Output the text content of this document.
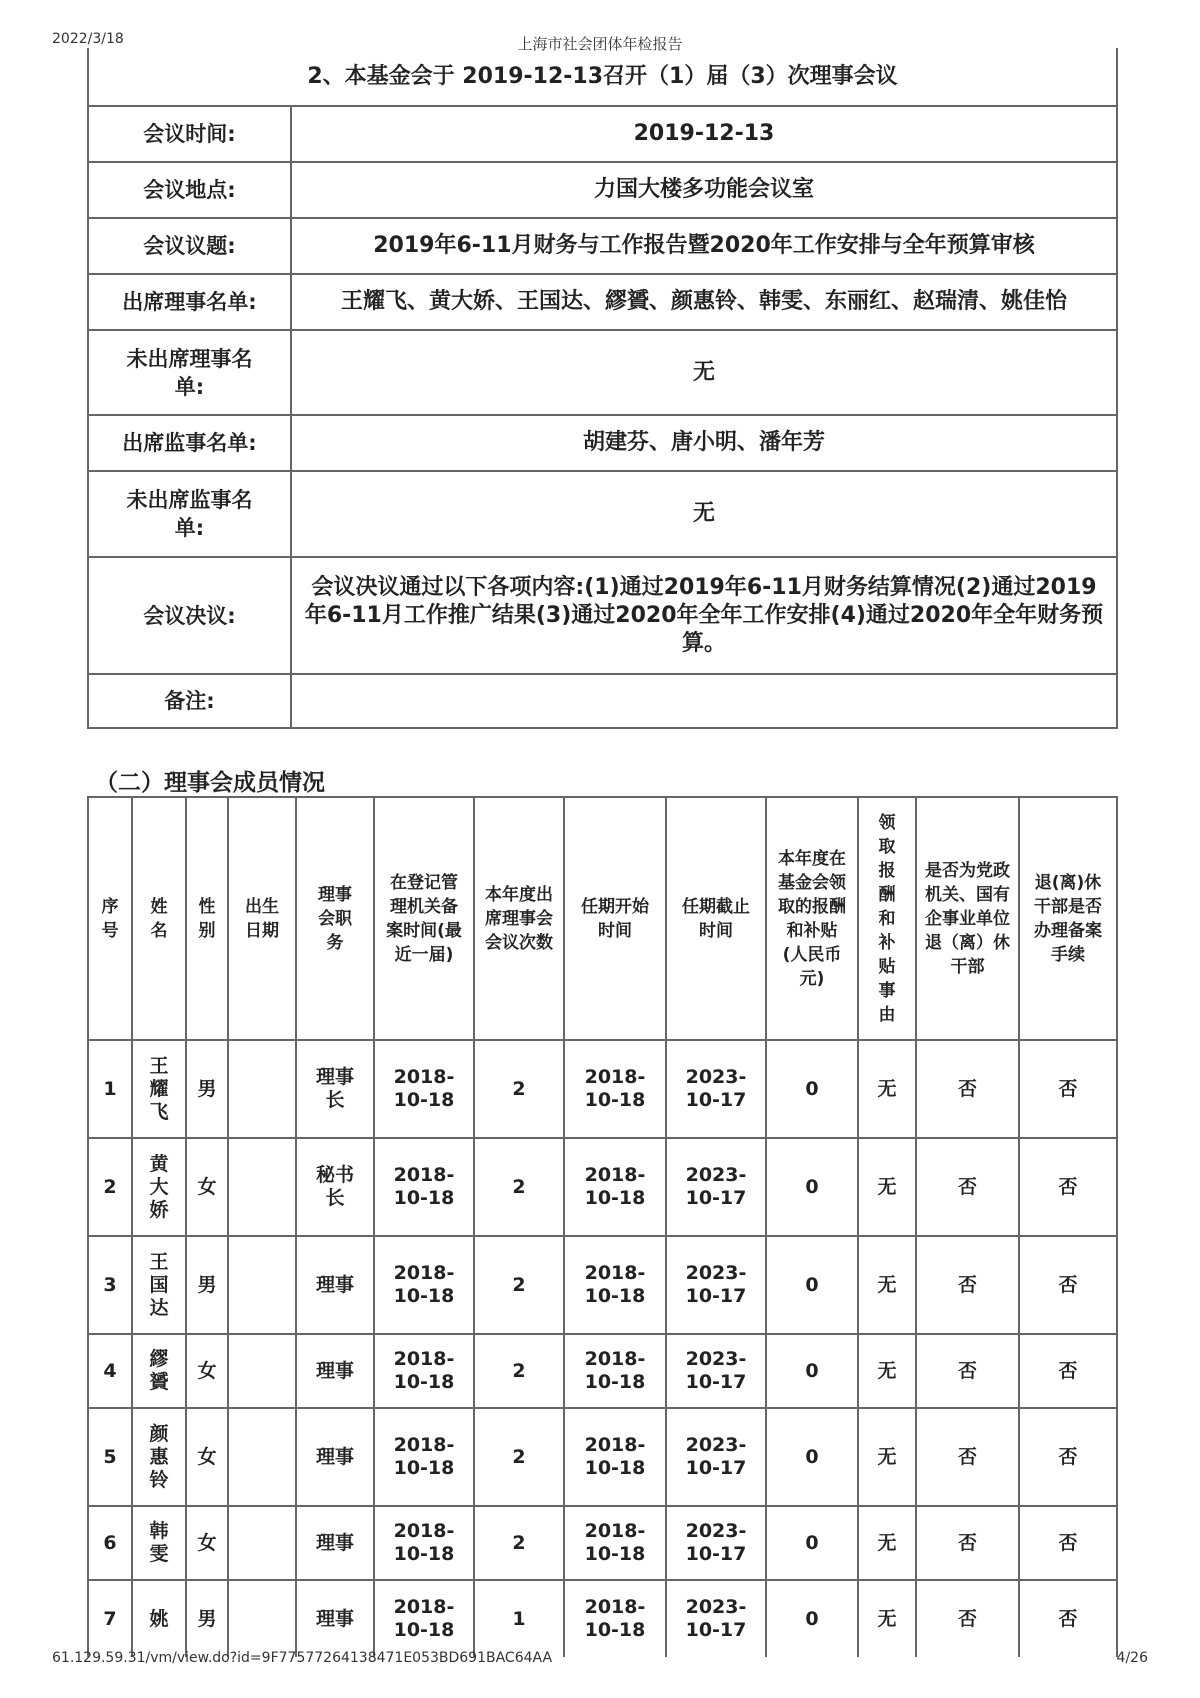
2022/3/18	上海市社会团体年检报告
2、本基金会于 2019-12-13召开（1）届（3）次理事会议	
会议时间:	2019-12-13
会议地点:	力国大楼多功能会议室
会议议题:	2019年6-11月财务与工作报告暨2020年工作安排与全年预算审核
出席理事名单:	王耀飞、黄大娇、王国达、繆贇、颜惠铃、韩雯、东丽红、赵瑞清、姚佳怡
未出席理事名单:	无
出席监事名单:	胡建芬、唐小明、潘年芳
未出席监事名单:	无
会议决议:	会议决议通过以下各项内容:(1)通过2019年6-11月财务结算情况(2)通过2019年6-11月工作推广结果(3)通过2020年全年工作安排(4)通过2020年全年财务预算。
备注:	
（二）理事会成员情况
序号	姓名	性别	出生日期	理事会职务	在登记管理机关备案时间(最近一届)	本年度出席理事会会议次数	任期开始时间	任期截止时间	本年度在基金会领取的报酬和补贴(人民币元)	领取报酬和补贴事由	是否为党政机关、国有企事业单位退（离）休干部	退(离)休干部是否办理备案手续
1	王耀飞	男		理事长	2018-10-18	2	2018-10-18	2023-10-17	0	无	否	否
2	黄大娇	女		秘书长	2018-10-18	2	2018-10-18	2023-10-17	0	无	否	否
3	王国达	男		理事	2018-10-18	2	2018-10-18	2023-10-17	0	无	否	否
4	繆贇	女		理事	2018-10-18	2	2018-10-18	2023-10-17	0	无	否	否
5	颜惠铃	女		理事	2018-10-18	2	2018-10-18	2023-10-17	0	无	否	否
6	韩雯	女		理事	2018-10-18	2	2018-10-18	2023-10-17	0	无	否	否
7	姚	男		理事	2018-10-18	1	2018-10-18	2023-10-17	0	无	否	否
61.129.59.31/vm/view.do?id=9F77577264138471E053BD691BAC64AA	4/26
